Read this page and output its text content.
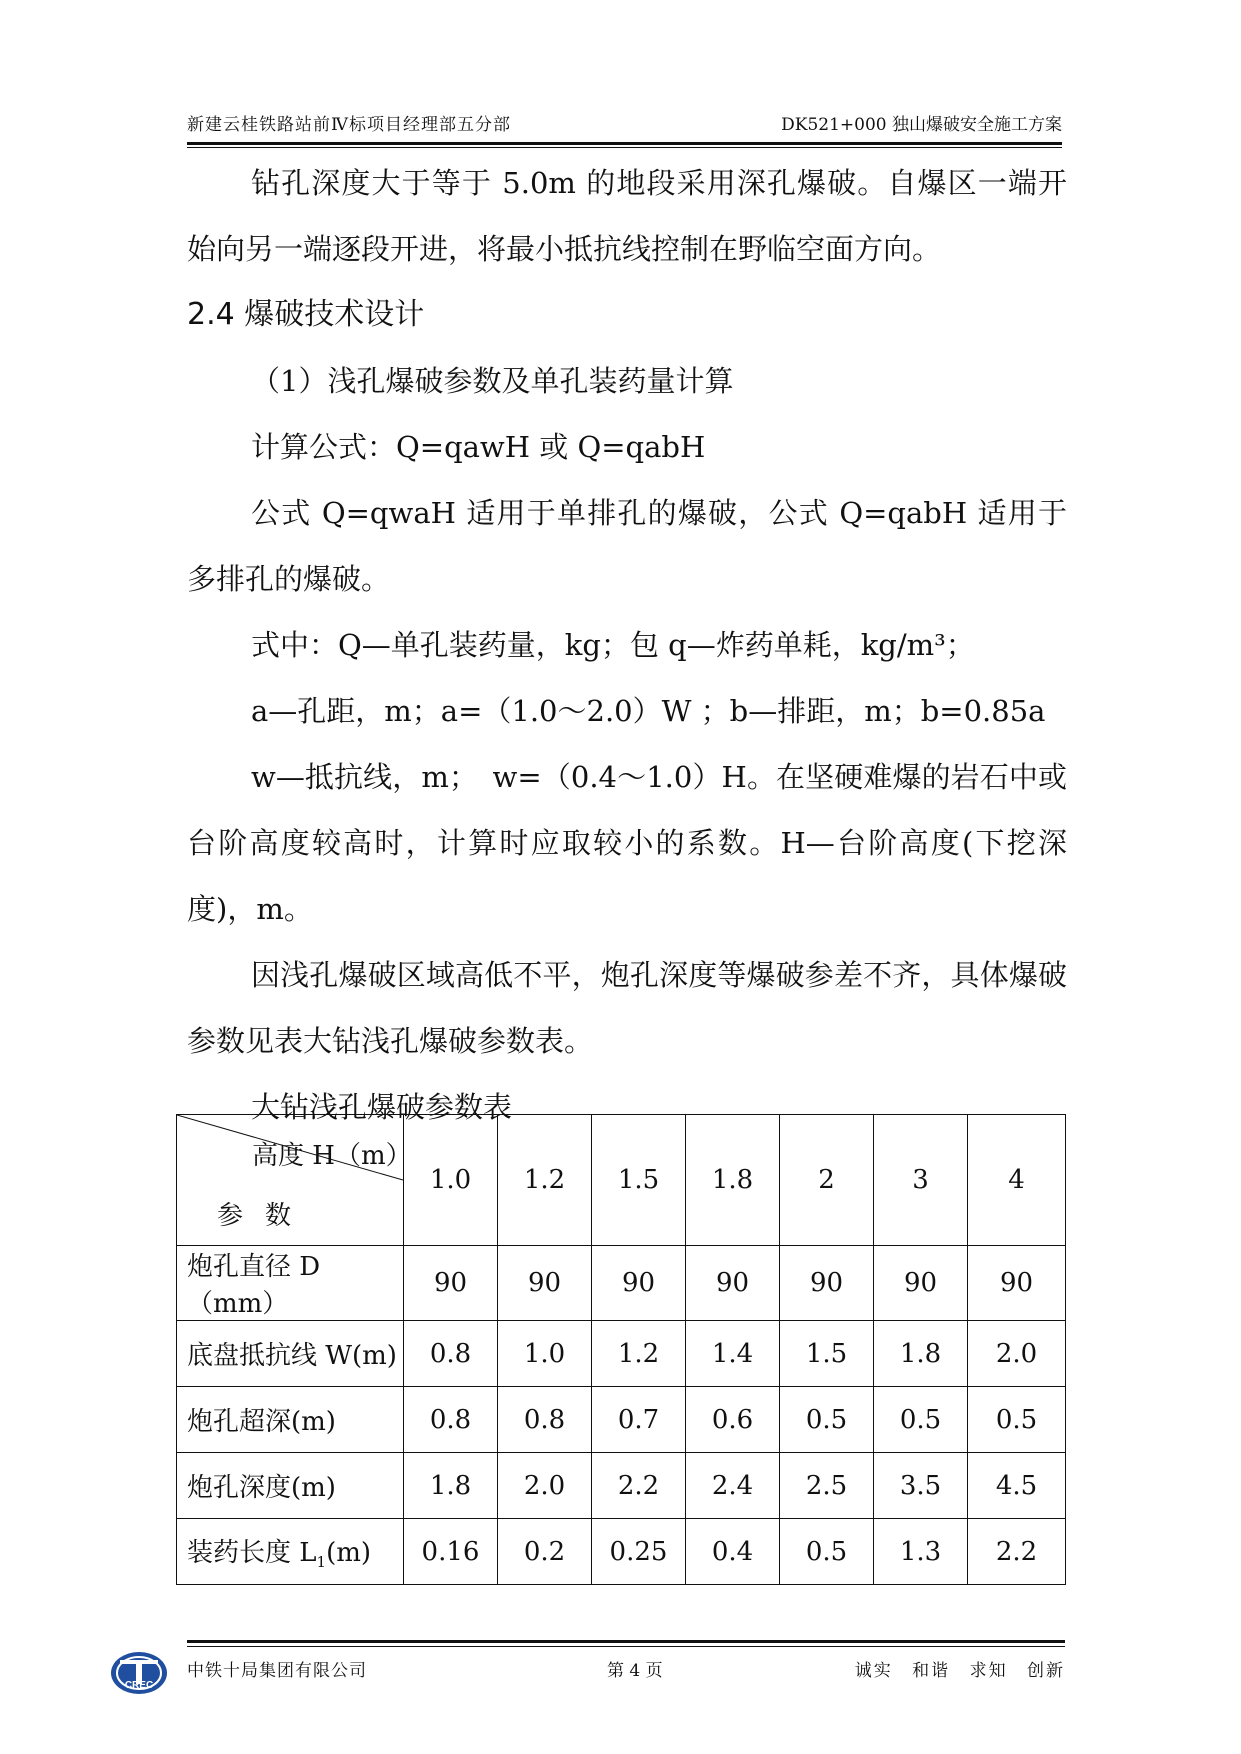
新建云桂铁路站前Ⅳ标项目经理部五分部	DK521+000 独山爆破安全施工方案

钻孔深度大于等于 5.0m 的地段采用深孔爆破。自爆区一端开始向另一端逐段开进，将最小抵抗线控制在野临空面方向。

2.4 爆破技术设计

（1）浅孔爆破参数及单孔装药量计算

计算公式：Q=qawH 或 Q=qabH

公式 Q=qwaH 适用于单排孔的爆破，公式 Q=qabH 适用于多排孔的爆破。

式中：Q—单孔装药量，kg；包 q—炸药单耗，kg/m³；

a—孔距，m；a=（1.0～2.0）W ；b—排距，m；b=0.85a

w—抵抗线，m；　w=（0.4～1.0）H。在坚硬难爆的岩石中或台阶高度较高时，计算时应取较小的系数。H—台阶高度(下挖深度)，m。

因浅孔爆破区域高低不平，炮孔深度等爆破参差不齐，具体爆破参数见表大钻浅孔爆破参数表。

大钻浅孔爆破参数表

高度 H（m）
参数	1.0	1.2	1.5	1.8	2	3	4
炮孔直径 D（mm）	90	90	90	90	90	90	90
底盘抵抗线 W(m)	0.8	1.0	1.2	1.4	1.5	1.8	2.0
炮孔超深(m)	0.8	0.8	0.7	0.6	0.5	0.5	0.5
炮孔深度(m)	1.8	2.0	2.2	2.4	2.5	3.5	4.5
装药长度 $L_1(m)$	0.16	0.2	0.25	0.4	0.5	1.3	2.2
CREC
中铁十局集团有限公司	第 4 页	诚实 和谐 求知 创新
